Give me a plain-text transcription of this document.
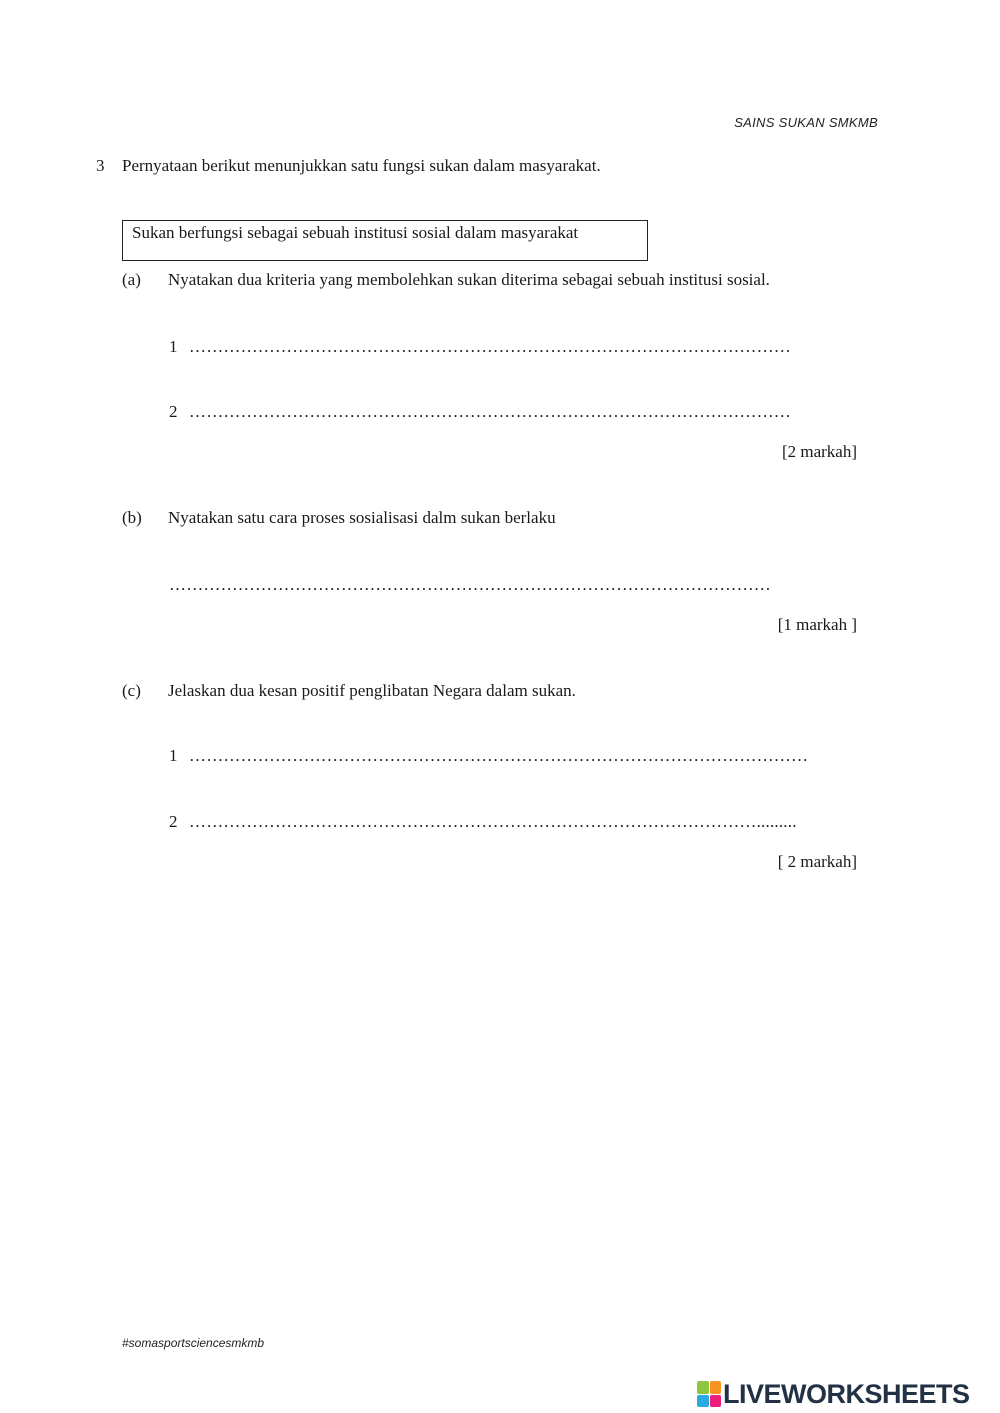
SAINS SUKAN SMKMB
3 Pernyataan berikut menunjukkan satu fungsi sukan dalam masyarakat.
Sukan berfungsi sebagai sebuah institusi sosial dalam masyarakat
(a) Nyatakan dua kriteria yang membolehkan sukan diterima sebagai sebuah institusi sosial.
1 ……………………………………………………………………………………………
2 ……………………………………………………………………………………………
[2 markah]
(b) Nyatakan satu cara proses sosialisasi dalm sukan berlaku
……………………………………………………………………………………………
[1 markah ]
(c) Jelaskan dua kesan positif penglibatan Negara dalam sukan.
1 ………………………………………………………………………………………………
2 ……………………………………………………………………………………….........
[ 2 markah]
#somasportsciencesmkmb
LIVEWORKSHEETS
